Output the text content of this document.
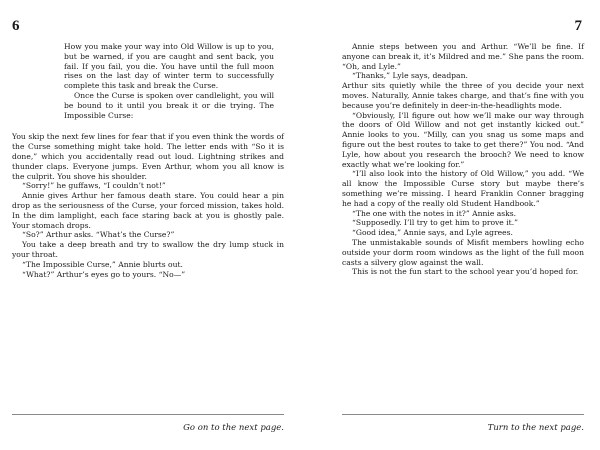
6

How you make your way into Old Willow is up to you, but be warned, if you are caught and sent back, you fail. If you fail, you die. You have until the full moon rises on the last day of winter term to successfully complete this task and break the Curse.

Once the Curse is spoken over candlelight, you will be bound to it until you break it or die trying. The Impossible Curse:

You skip the next few lines for fear that if you even think the words of the Curse something might take hold. The letter ends with “So it is done,” which you accidentally read out loud. Lightning strikes and thunder claps. Everyone jumps. Even Arthur, whom you all know is the culprit. You shove his shoulder.

“Sorry!” he guffaws, “I couldn’t not!”

Annie gives Arthur her famous death stare. You could hear a pin drop as the seriousness of the Curse, your forced mission, takes hold. In the dim lamplight, each face staring back at you is ghostly pale. Your stomach drops.

“So?” Arthur asks. “What’s the Curse?”

You take a deep breath and try to swallow the dry lump stuck in your throat.

“The Impossible Curse,” Annie blurts out.

“What?” Arthur’s eyes go to yours. “No—”

Go on to the next page.
7

Annie steps between you and Arthur. “We’ll be fine. If anyone can break it, it’s Mildred and me.” She pans the room. “Oh, and Lyle.”

“Thanks,” Lyle says, deadpan.

Arthur sits quietly while the three of you decide your next moves. Naturally, Annie takes charge, and that’s fine with you because you’re definitely in deer-in-the-headlights mode.

“Obviously, I’ll figure out how we’ll make our way through the doors of Old Willow and not get instantly kicked out.” Annie looks to you. “Milly, can you snag us some maps and figure out the best routes to take to get there?” You nod. “And Lyle, how about you research the brooch? We need to know exactly what we’re looking for.”

“I’ll also look into the history of Old Willow,” you add. “We all know the Impossible Curse story but maybe there’s something we’re missing. I heard Franklin Conner bragging he had a copy of the really old Student Handbook.”

“The one with the notes in it?” Annie asks.

“Supposedly. I’ll try to get him to prove it.”

“Good idea,” Annie says, and Lyle agrees.

The unmistakable sounds of Misfit members howling echo outside your dorm room windows as the light of the full moon casts a silvery glow against the wall.

This is not the fun start to the school year you’d hoped for.

Turn to the next page.
